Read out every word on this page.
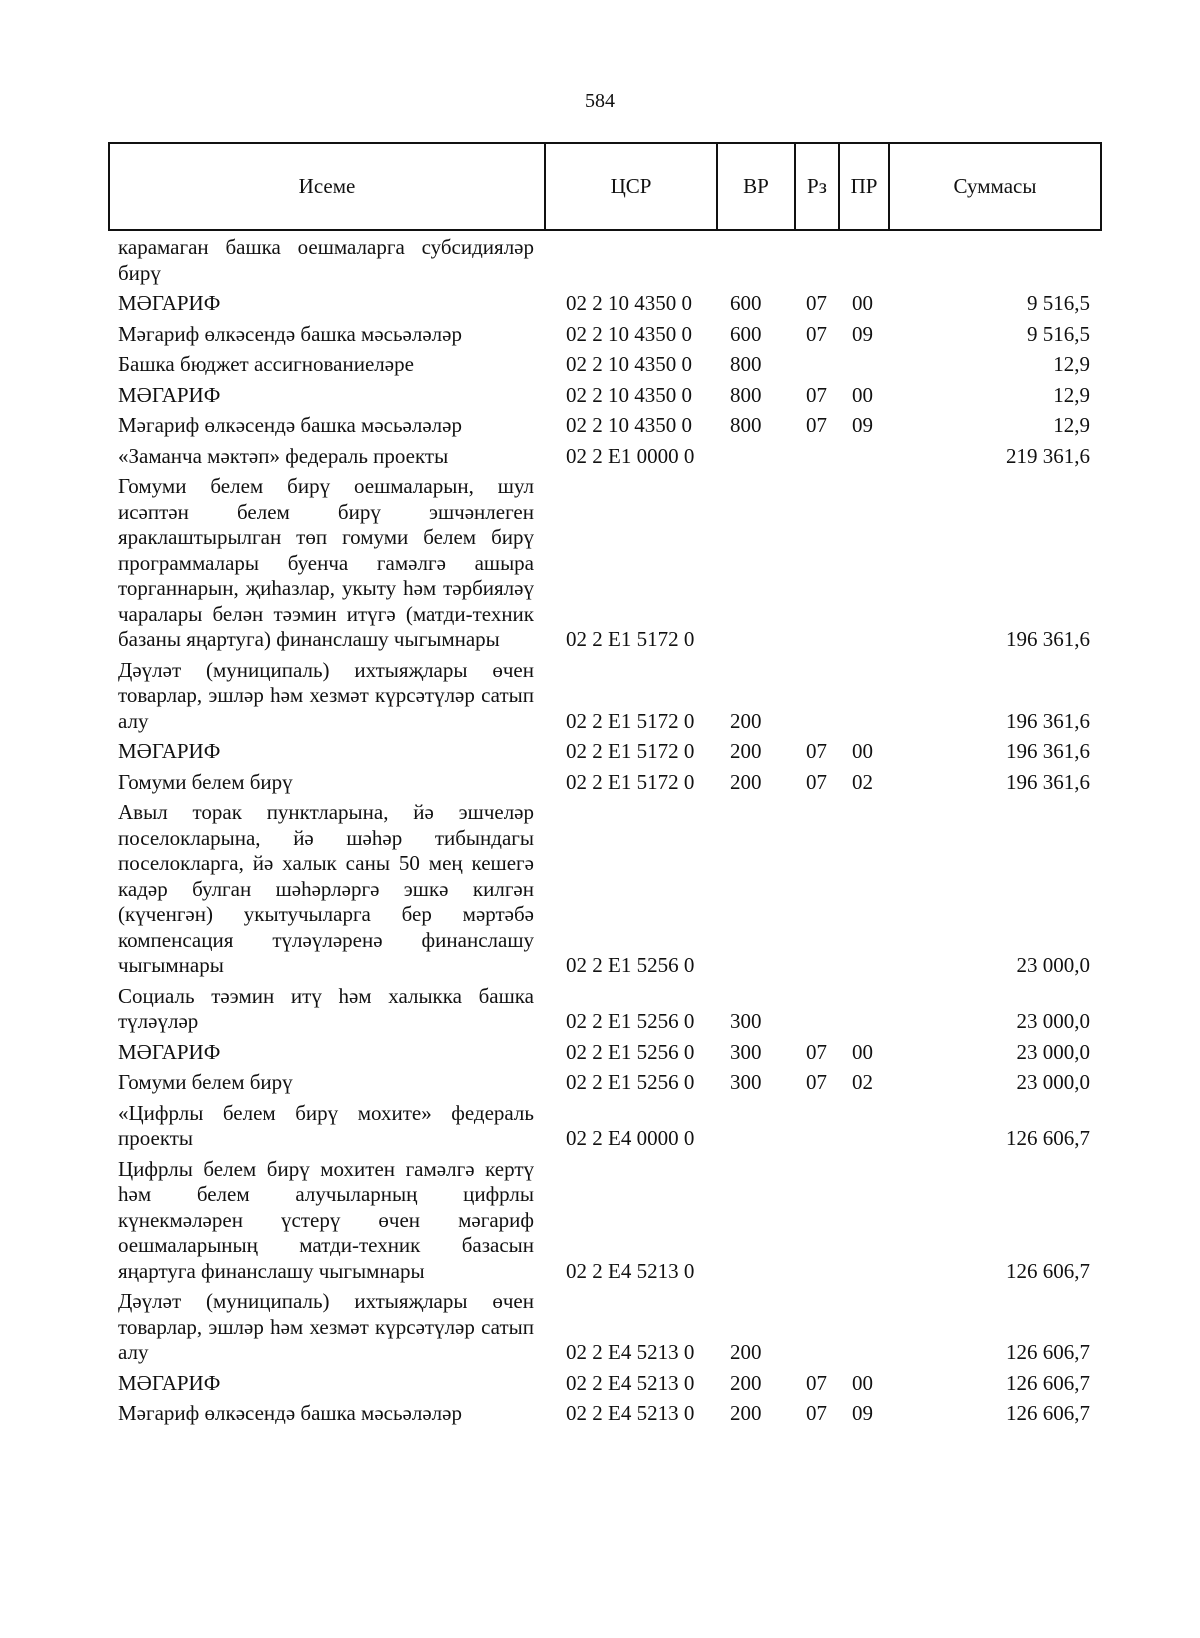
584
Исеме	ЦСР	ВР	Рз	ПР	Суммасы
карамаган башка оешмаларга субсидияләр бирү					
МӘГАРИФ	02 2 10 4350 0	600	07	00	9 516,5
Мәгариф өлкәсендә башка мәсьәләләр	02 2 10 4350 0	600	07	09	9 516,5
Башка бюджет ассигнованиеләре	02 2 10 4350 0	800			12,9
МӘГАРИФ	02 2 10 4350 0	800	07	00	12,9
Мәгариф өлкәсендә башка мәсьәләләр	02 2 10 4350 0	800	07	09	12,9
«Заманча мәктәп» федераль проекты	02 2 Е1 0000 0				219 361,6
Гомуми белем бирү оешмаларын, шул исәптән белем бирү эшчәнлеген яраклаштырылган төп гомуми белем бирү программалары буенча гамәлгә ашыра торганнарын, җиһазлар, укыту һәм тәрбияләү чаралары белән тәэмин итүгә (матди-техник базаны яңартуга) финанслашу чыгымнары	02 2 Е1 5172 0				196 361,6
Дәүләт (муниципаль) ихтыяҗлары өчен товарлар, эшләр һәм хезмәт күрсәтүләр сатып алу	02 2 Е1 5172 0	200			196 361,6
МӘГАРИФ	02 2 Е1 5172 0	200	07	00	196 361,6
Гомуми белем бирү	02 2 Е1 5172 0	200	07	02	196 361,6
Авыл торак пунктларына, йә эшчеләр поселокларына, йә шәһәр тибындагы поселокларга, йә халык саны 50 мең кешегә кадәр булган шәһәрләргә эшкә килгән (күченгән) укытучыларга бер мәртәбә компенсация түләүләренә финанслашу чыгымнары	02 2 Е1 5256 0				23 000,0
Социаль тәэмин итү һәм халыкка башка түләүләр	02 2 Е1 5256 0	300			23 000,0
МӘГАРИФ	02 2 Е1 5256 0	300	07	00	23 000,0
Гомуми белем бирү	02 2 Е1 5256 0	300	07	02	23 000,0
«Цифрлы белем бирү мохите» федераль проекты	02 2 Е4 0000 0				126 606,7
Цифрлы белем бирү мохитен гамәлгә кертү һәм белем алучыларның цифрлы күнекмәләрен үстерү өчен мәгариф оешмаларының матди-техник базасын яңартуга финанслашу чыгымнары	02 2 Е4 5213 0				126 606,7
Дәүләт (муниципаль) ихтыяҗлары өчен товарлар, эшләр һәм хезмәт күрсәтүләр сатып алу	02 2 Е4 5213 0	200			126 606,7
МӘГАРИФ	02 2 Е4 5213 0	200	07	00	126 606,7
Мәгариф өлкәсендә башка мәсьәләләр	02 2 Е4 5213 0	200	07	09	126 606,7
